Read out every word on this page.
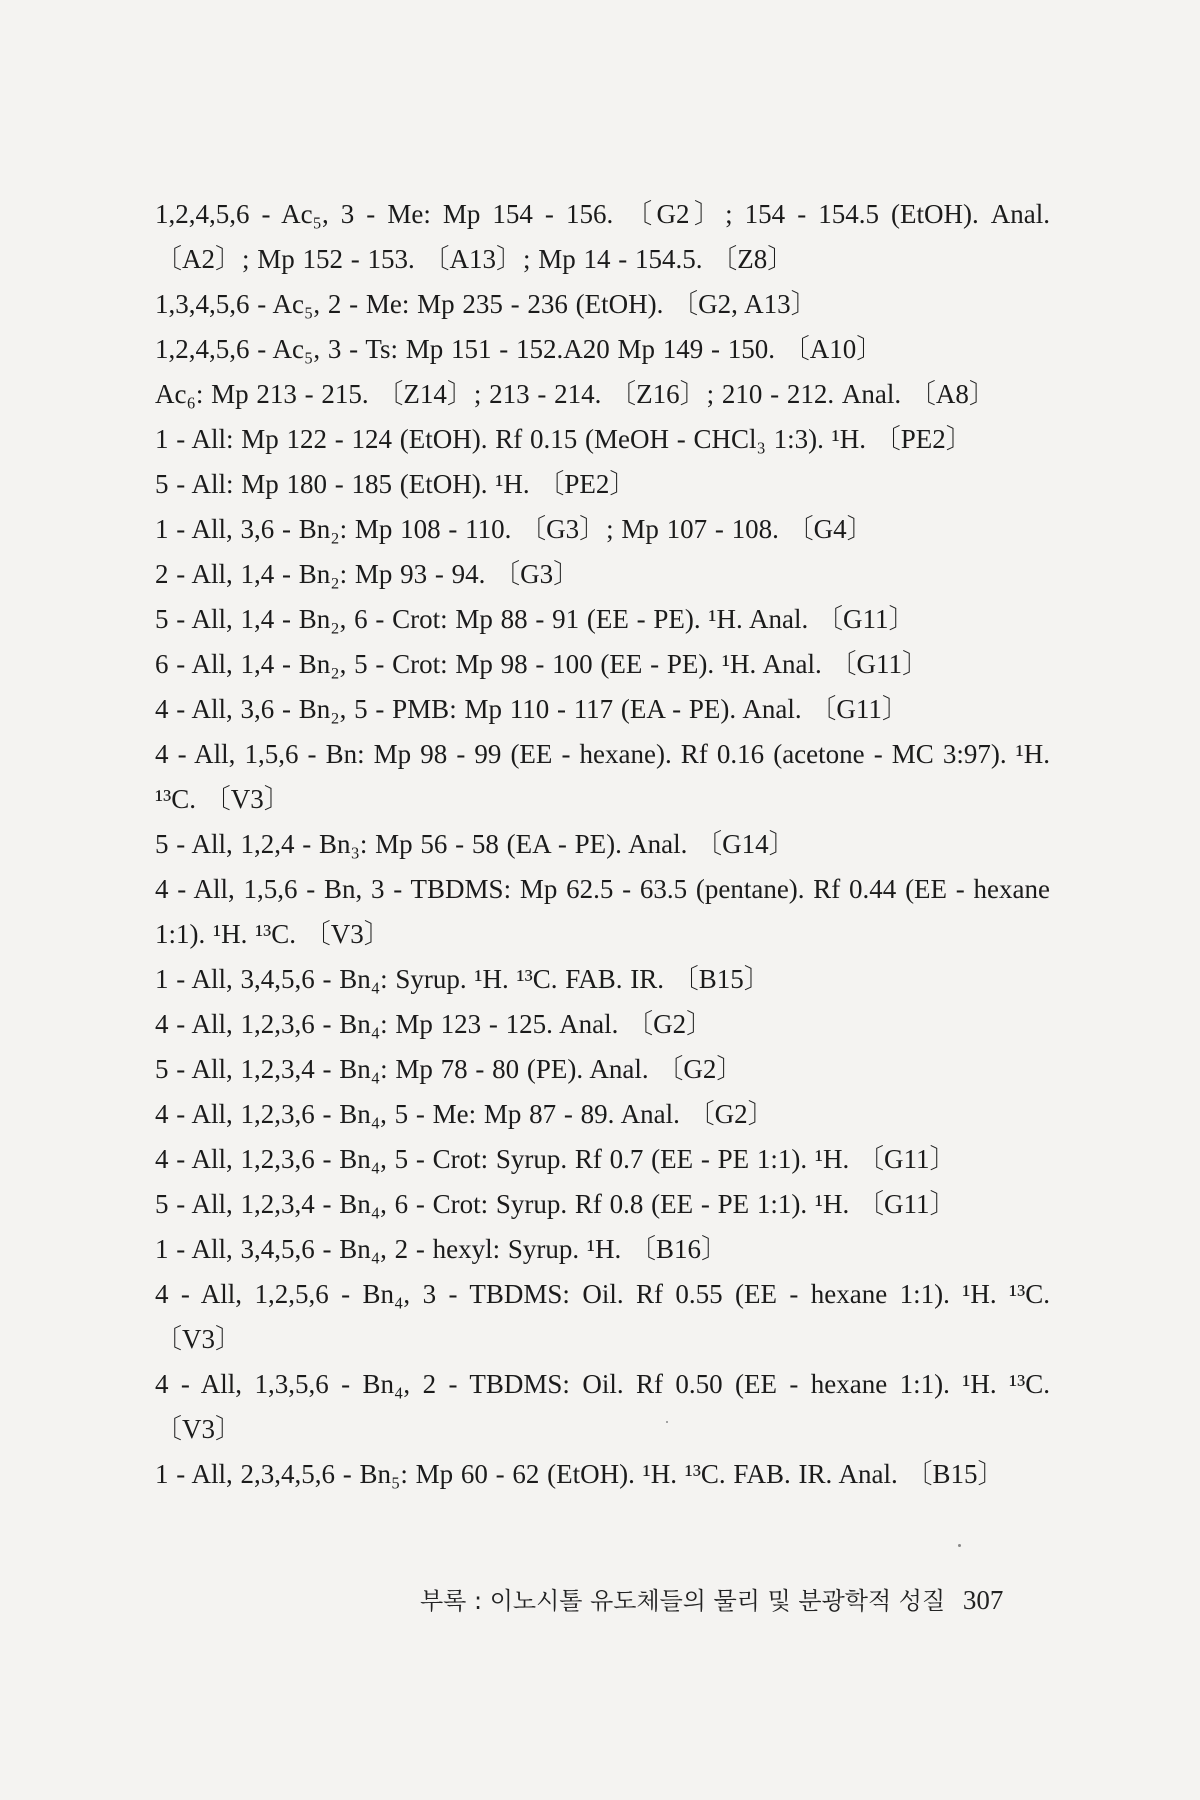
1,2,4,5,6 - Ac₅, 3 - Me: Mp 154 - 156. 〔G2〕; 154 - 154.5 (EtOH). Anal. 〔A2〕; Mp 152 - 153. 〔A13〕; Mp 14 - 154.5. 〔Z8〕

1,3,4,5,6 - Ac₅, 2 - Me: Mp 235 - 236 (EtOH). 〔G2, A13〕

1,2,4,5,6 - Ac₅, 3 - Ts: Mp 151 - 152.A20 Mp 149 - 150. 〔A10〕

Ac₆: Mp 213 - 215. 〔Z14〕; 213 - 214. 〔Z16〕; 210 - 212. Anal. 〔A8〕

1 - All: Mp 122 - 124 (EtOH). Rf 0.15 (MeOH - CHCl₃ 1:3). ¹H. 〔PE2〕

5 - All: Mp 180 - 185 (EtOH). ¹H. 〔PE2〕

1 - All, 3,6 - Bn₂: Mp 108 - 110. 〔G3〕; Mp 107 - 108. 〔G4〕

2 - All, 1,4 - Bn₂: Mp 93 - 94. 〔G3〕

5 - All, 1,4 - Bn₂, 6 - Crot: Mp 88 - 91 (EE - PE). ¹H. Anal. 〔G11〕

6 - All, 1,4 - Bn₂, 5 - Crot: Mp 98 - 100 (EE - PE). ¹H. Anal. 〔G11〕

4 - All, 3,6 - Bn₂, 5 - PMB: Mp 110 - 117 (EA - PE). Anal. 〔G11〕

4 - All, 1,5,6 - Bn: Mp 98 - 99 (EE - hexane). Rf 0.16 (acetone - MC 3:97). ¹H. ¹³C. 〔V3〕

5 - All, 1,2,4 - Bn₃: Mp 56 - 58 (EA - PE). Anal. 〔G14〕

4 - All, 1,5,6 - Bn, 3 - TBDMS: Mp 62.5 - 63.5 (pentane). Rf 0.44 (EE - hexane 1:1). ¹H. ¹³C. 〔V3〕

1 - All, 3,4,5,6 - Bn₄: Syrup. ¹H. ¹³C. FAB. IR. 〔B15〕

4 - All, 1,2,3,6 - Bn₄: Mp 123 - 125. Anal. 〔G2〕

5 - All, 1,2,3,4 - Bn₄: Mp 78 - 80 (PE). Anal. 〔G2〕

4 - All, 1,2,3,6 - Bn₄, 5 - Me: Mp 87 - 89. Anal. 〔G2〕

4 - All, 1,2,3,6 - Bn₄, 5 - Crot: Syrup. Rf 0.7 (EE - PE 1:1). ¹H. 〔G11〕

5 - All, 1,2,3,4 - Bn₄, 6 - Crot: Syrup. Rf 0.8 (EE - PE 1:1). ¹H. 〔G11〕

1 - All, 3,4,5,6 - Bn₄, 2 - hexyl: Syrup. ¹H. 〔B16〕

4 - All, 1,2,5,6 - Bn₄, 3 - TBDMS: Oil. Rf 0.55 (EE - hexane 1:1). ¹H. ¹³C. 〔V3〕

4 - All, 1,3,5,6 - Bn₄, 2 - TBDMS: Oil. Rf 0.50 (EE - hexane 1:1). ¹H. ¹³C. 〔V3〕

1 - All, 2,3,4,5,6 - Bn₅: Mp 60 - 62 (EtOH). ¹H. ¹³C. FAB. IR. Anal. 〔B15〕

부록 : 이노시톨 유도체들의 물리 및 분광학적 성질 307
